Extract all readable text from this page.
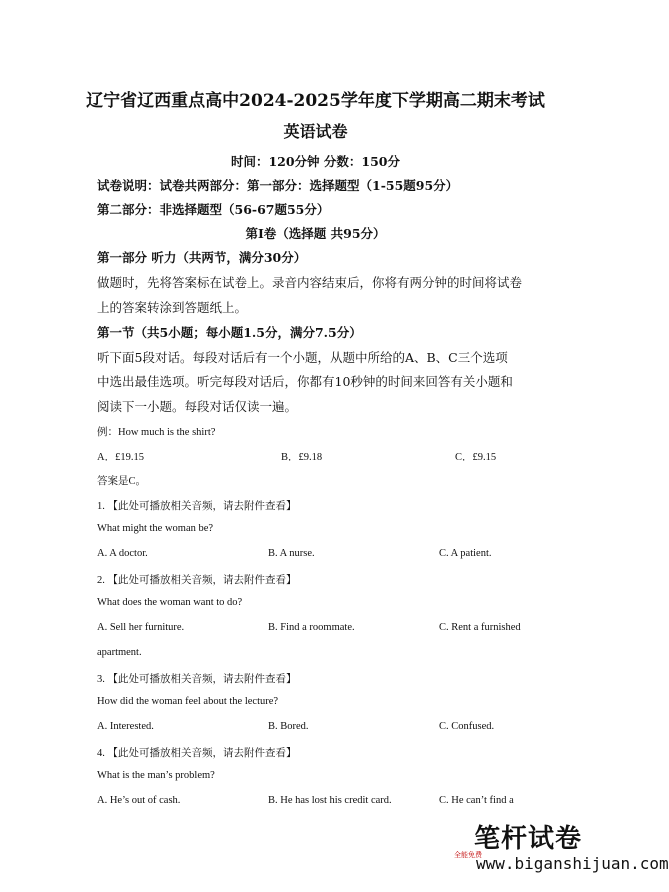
辽宁省辽西重点高中2024-2025学年度下学期高二期末考试
英语试卷
时间：120分钟 分数：150分
试卷说明：试卷共两部分：第一部分：选择题型（1-55题95分）
第二部分：非选择题型（56-67题55分）
第Ⅰ卷（选择题 共95分）
第一部分 听力（共两节，满分30分）
做题时，先将答案标在试卷上。录音内容结束后，你将有两分钟的时间将试卷
上的答案转涂到答题纸上。
第一节（共5小题；每小题1.5分，满分7.5分）
听下面5段对话。每段对话后有一个小题，从题中所给的A、B、C三个选项
中选出最佳选项。听完每段对话后，你都有10秒钟的时间来回答有关小题和
阅读下一小题。每段对话仅读一遍。
例：How much is the shirt?
A．£19.15	B．£9.18	C．£9.15
答案是C。
1. 【此处可播放相关音频，请去附件查看】
What might the woman be?
A. A doctor.	B. A nurse.	C. A patient.
2. 【此处可播放相关音频，请去附件查看】
What does the woman want to do?
A. Sell her furniture.	B. Find a roommate.	C. Rent a furnished
apartment.
3. 【此处可播放相关音频，请去附件查看】
How did the woman feel about the lecture?
A. Interested.	B. Bored.	C. Confused.
4. 【此处可播放相关音频，请去附件查看】
What is the man’s problem?
A. He’s out of cash.	B. He has lost his credit card.	C. He can’t find a
笔杆试卷
全能免费
www.biganshijuan.com
